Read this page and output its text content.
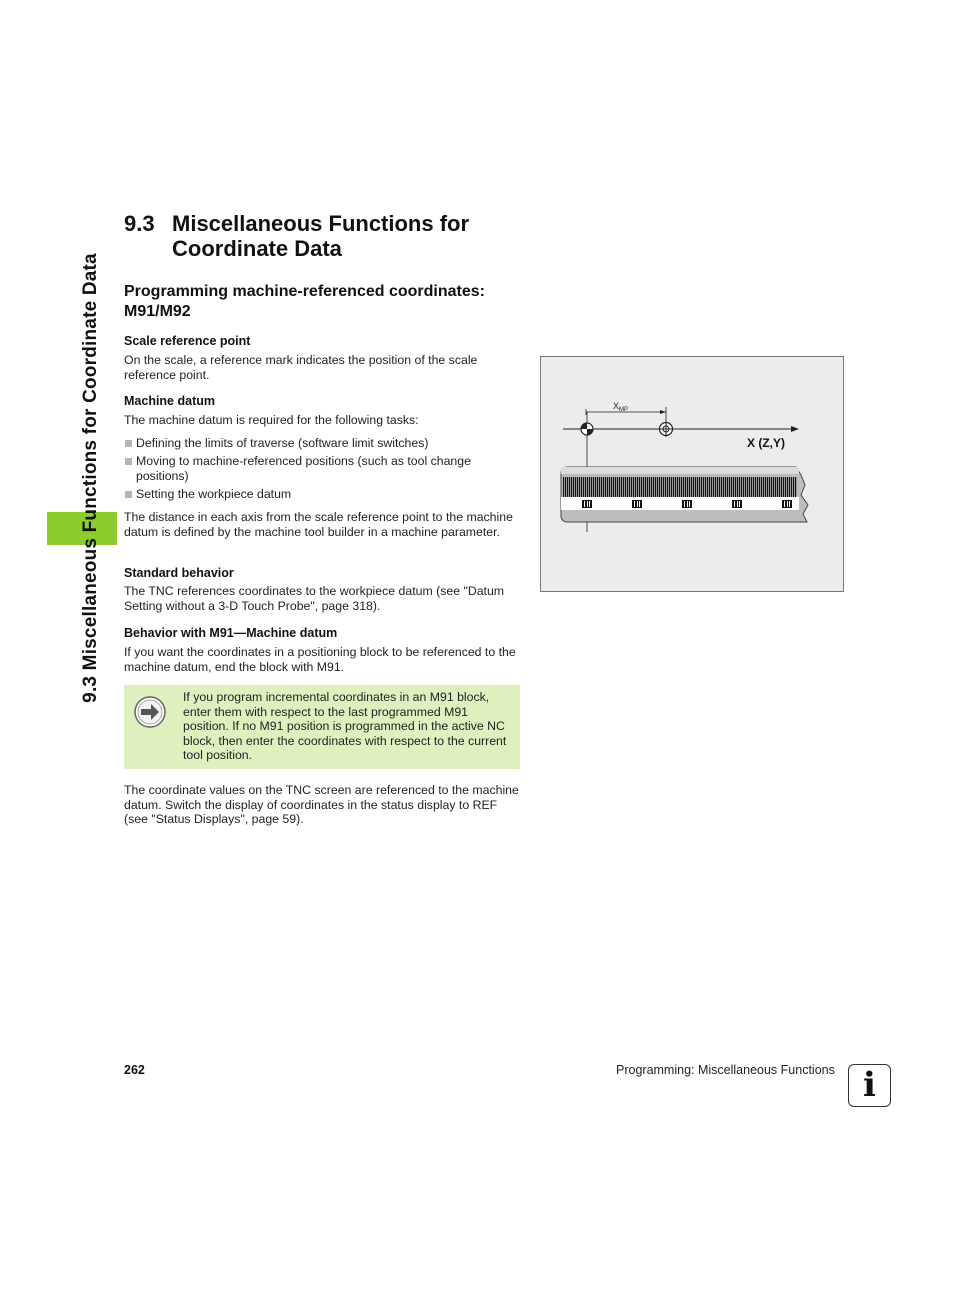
9.3 Miscellaneous Functions for Coordinate Data
9.3 Miscellaneous Functions for
Coordinate Data
Programming machine-referenced coordinates:
M91/M92
Scale reference point
On the scale, a reference mark indicates the position of the scale reference point.
Machine datum
The machine datum is required for the following tasks:
Defining the limits of traverse (software limit switches)
Moving to machine-referenced positions (such as tool change positions)
Setting the workpiece datum
The distance in each axis from the scale reference point to the machine datum is defined by the machine tool builder in a machine parameter.
Standard behavior
The TNC references coordinates to the workpiece datum (see "Datum Setting without a 3-D Touch Probe", page 318).
Behavior with M91—Machine datum
If you want the coordinates in a positioning block to be referenced to the machine datum, end the block with M91.
If you program incremental coordinates in an M91 block, enter them with respect to the last programmed M91 position. If no M91 position is programmed in the active NC block, then enter the coordinates with respect to the current tool position.
The coordinate values on the TNC screen are referenced to the machine datum. Switch the display of coordinates in the status display to REF (see "Status Displays", page 59).
$X_{MP}$
X (Z,Y)
262	Programming: Miscellaneous Functions i
